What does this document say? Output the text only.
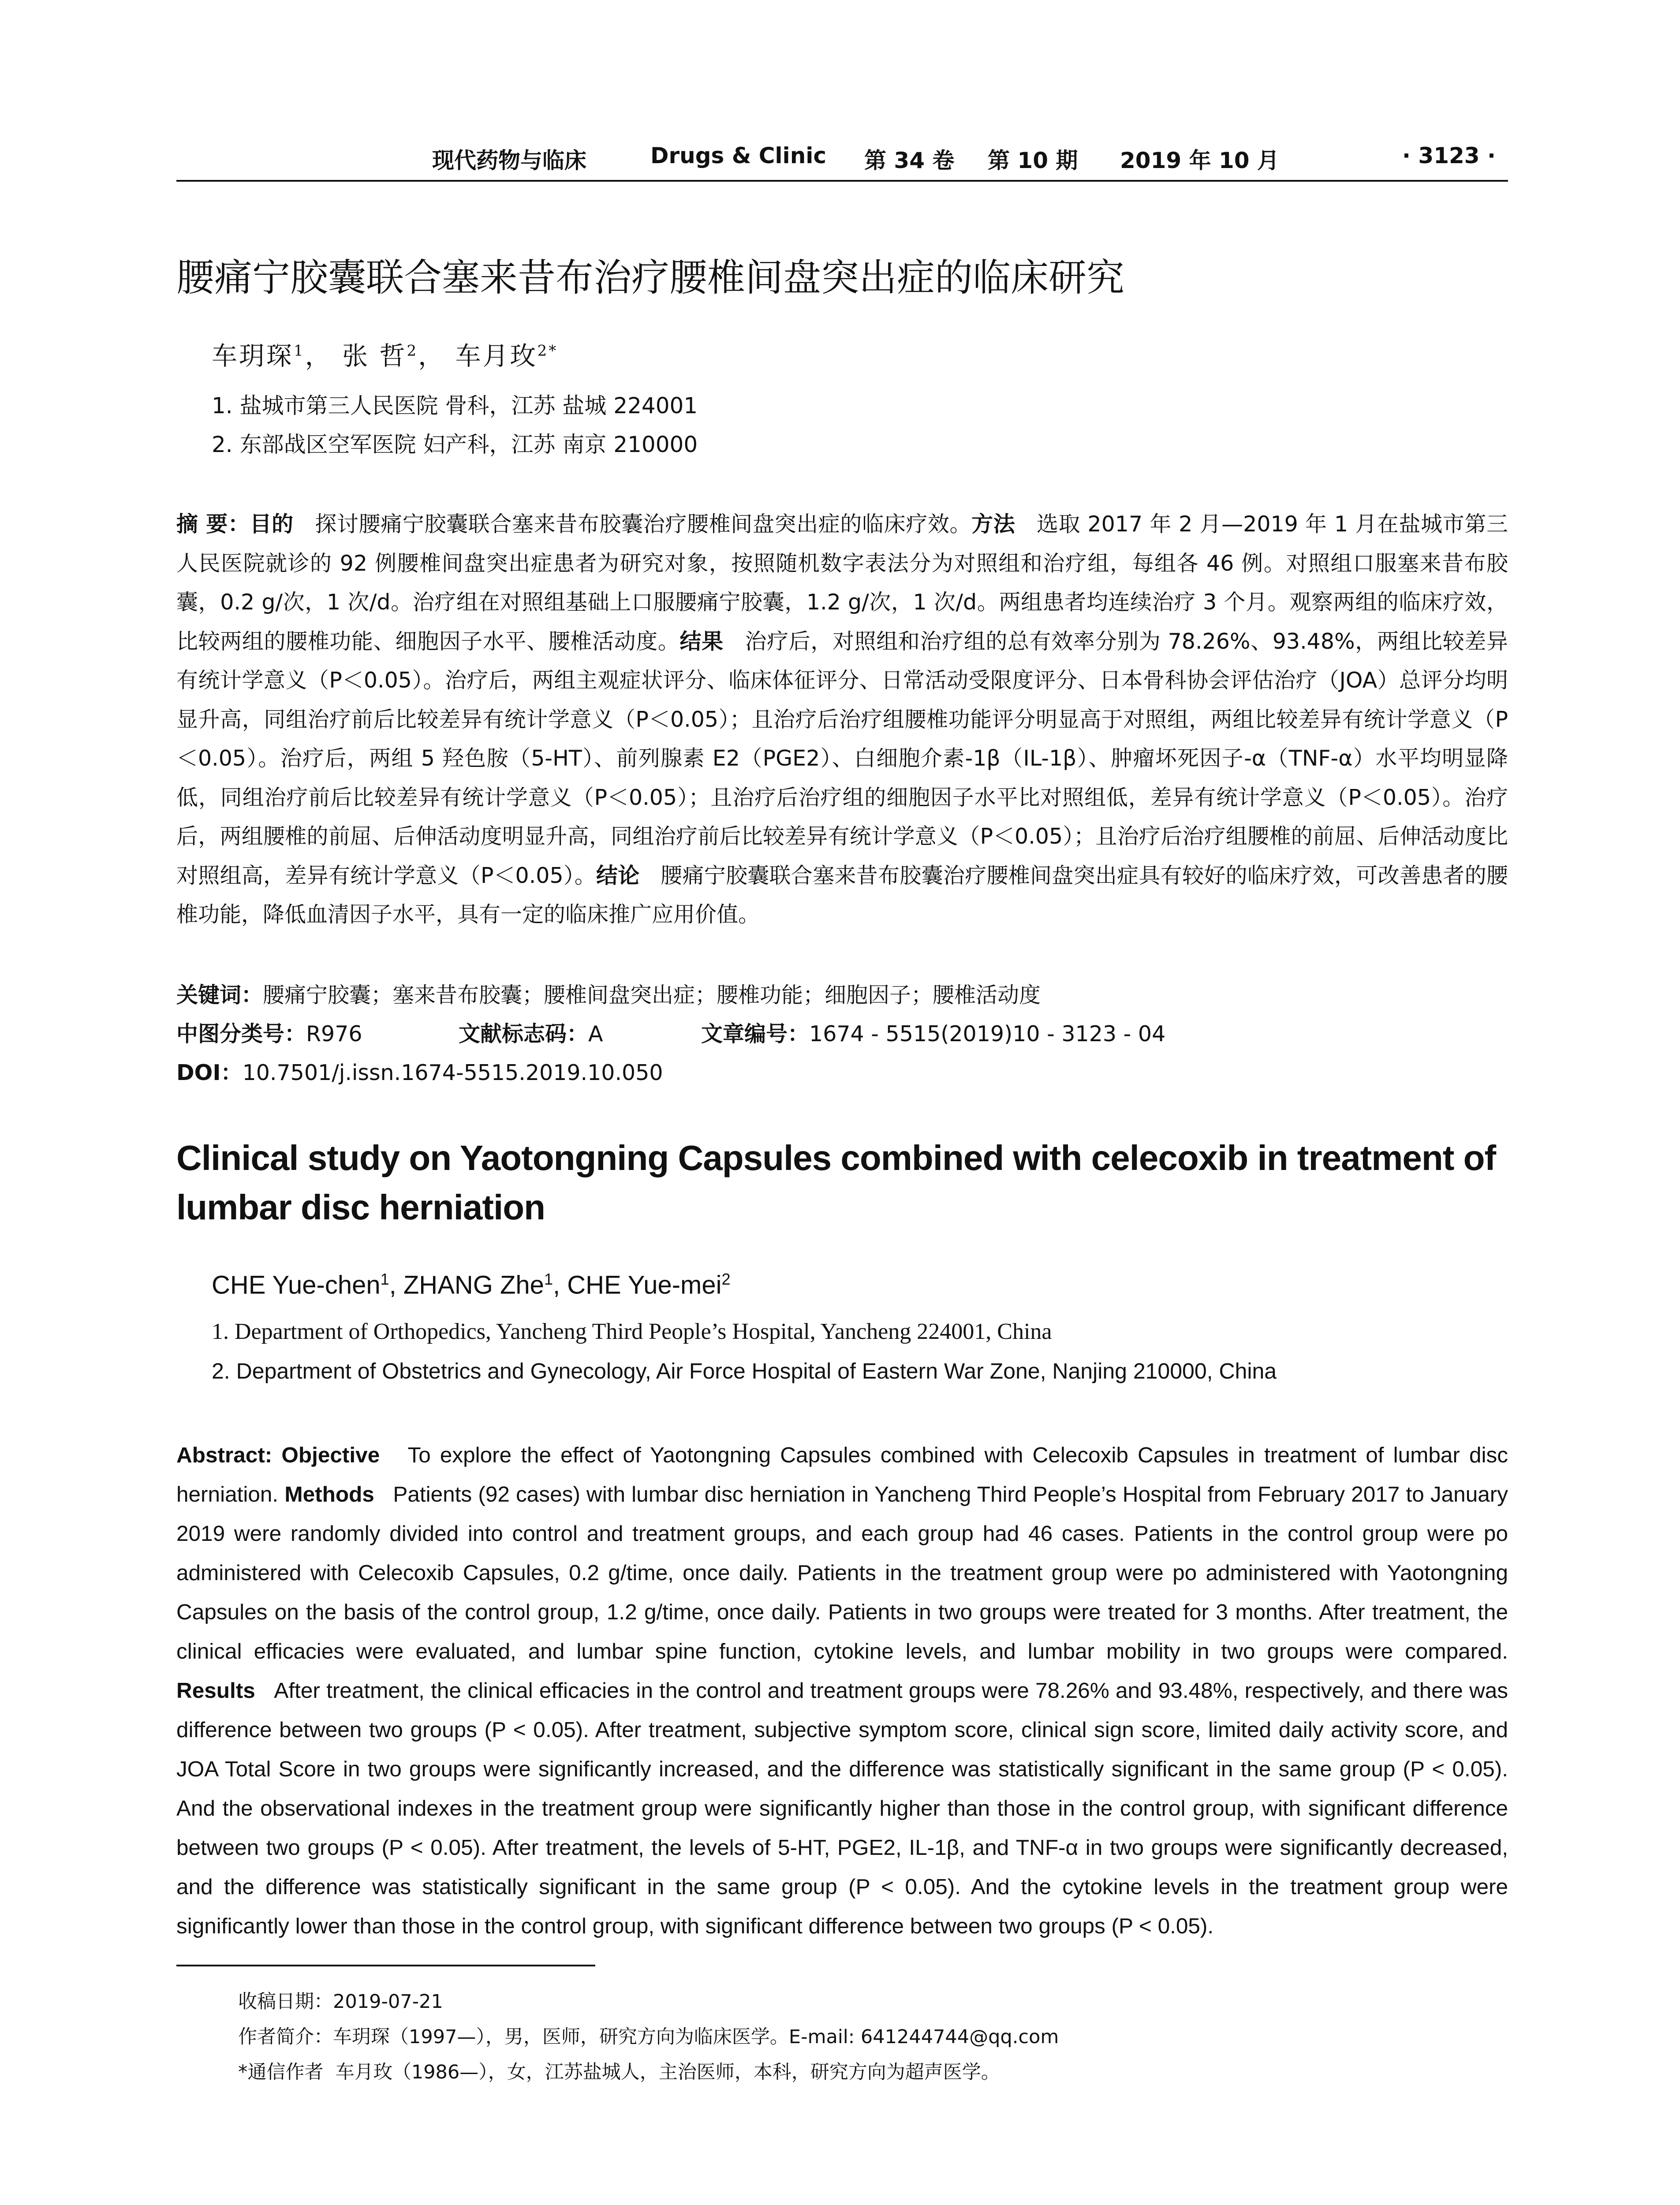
现代药物与临床	Drugs & Clinic 第 34 卷 第 10 期 2019 年 10 月	· 3123 ·
腰痛宁胶囊联合塞来昔布治疗腰椎间盘突出症的临床研究
车玥琛$^1$， 张 哲$^2$， 车月玫$^{2*}$
1. 盐城市第三人民医院 骨科，江苏 盐城 224001
2. 东部战区空军医院 妇产科，江苏 南京 210000

摘 要：目的 探讨腰痛宁胶囊联合塞来昔布胶囊治疗腰椎间盘突出症的临床疗效。方法 选取 2017 年 2 月—2019 年 1 月在盐城市第三人民医院就诊的 92 例腰椎间盘突出症患者为研究对象，按照随机数字表法分为对照组和治疗组，每组各 46 例。对照组口服塞来昔布胶囊，0.2 g/次，1 次/d。治疗组在对照组基础上口服腰痛宁胶囊，1.2 g/次，1 次/d。两组患者均连续治疗 3 个月。观察两组的临床疗效，比较两组的腰椎功能、细胞因子水平、腰椎活动度。结果 治疗后，对照组和治疗组的总有效率分别为 78.26%、93.48%，两组比较差异有统计学意义（P＜0.05）。治疗后，两组主观症状评分、临床体征评分、日常活动受限度评分、日本骨科协会评估治疗（JOA）总评分均明显升高，同组治疗前后比较差异有统计学意义（P＜0.05）；且治疗后治疗组腰椎功能评分明显高于对照组，两组比较差异有统计学意义（P＜0.05）。治疗后，两组 5 羟色胺（5-HT）、前列腺素 E2（PGE2）、白细胞介素-1β（IL-1β）、肿瘤坏死因子-α（TNF-α）水平均明显降低，同组治疗前后比较差异有统计学意义（P＜0.05）；且治疗后治疗组的细胞因子水平比对照组低，差异有统计学意义（P＜0.05）。治疗后，两组腰椎的前屈、后伸活动度明显升高，同组治疗前后比较差异有统计学意义（P＜0.05）；且治疗后治疗组腰椎的前屈、后伸活动度比对照组高，差异有统计学意义（P＜0.05）。结论 腰痛宁胶囊联合塞来昔布胶囊治疗腰椎间盘突出症具有较好的临床疗效，可改善患者的腰椎功能，降低血清因子水平，具有一定的临床推广应用价值。

关键词：腰痛宁胶囊；塞来昔布胶囊；腰椎间盘突出症；腰椎功能；细胞因子；腰椎活动度
中图分类号：R976	文献标志码：A	文章编号：1674 - 5515(2019)10 - 3123 - 04
DOI：10.7501/j.issn.1674-5515.2019.10.050
Clinical study on Yaotongning Capsules combined with celecoxib in treatment of lumbar disc herniation
CHE Yue-chen$^1$, ZHANG Zhe$^1$, CHE Yue-mei$^2$
1. Department of Orthopedics, Yancheng Third People’s Hospital, Yancheng 224001, China
2. Department of Obstetrics and Gynecology, Air Force Hospital of Eastern War Zone, Nanjing 210000, China

Abstract: Objective To explore the effect of Yaotongning Capsules combined with Celecoxib Capsules in treatment of lumbar disc herniation. Methods Patients (92 cases) with lumbar disc herniation in Yancheng Third People’s Hospital from February 2017 to January 2019 were randomly divided into control and treatment groups, and each group had 46 cases. Patients in the control group were po administered with Celecoxib Capsules, 0.2 g/time, once daily. Patients in the treatment group were po administered with Yaotongning Capsules on the basis of the control group, 1.2 g/time, once daily. Patients in two groups were treated for 3 months. After treatment, the clinical efficacies were evaluated, and lumbar spine function, cytokine levels, and lumbar mobility in two groups were compared. Results After treatment, the clinical efficacies in the control and treatment groups were 78.26% and 93.48%, respectively, and there was difference between two groups (P < 0.05). After treatment, subjective symptom score, clinical sign score, limited daily activity score, and JOA Total Score in two groups were significantly increased, and the difference was statistically significant in the same group (P < 0.05). And the observational indexes in the treatment group were significantly higher than those in the control group, with significant difference between two groups (P < 0.05). After treatment, the levels of 5-HT, PGE2, IL-1β, and TNF-α in two groups were significantly decreased, and the difference was statistically significant in the same group (P < 0.05). And the cytokine levels in the treatment group were significantly lower than those in the control group, with significant difference between two groups (P < 0.05).

收稿日期：2019-07-21
作者简介：车玥琛（1997—），男，医师，研究方向为临床医学。E-mail: 641244744@qq.com
*通信作者 车月玫（1986—），女，江苏盐城人，主治医师，本科，研究方向为超声医学。
